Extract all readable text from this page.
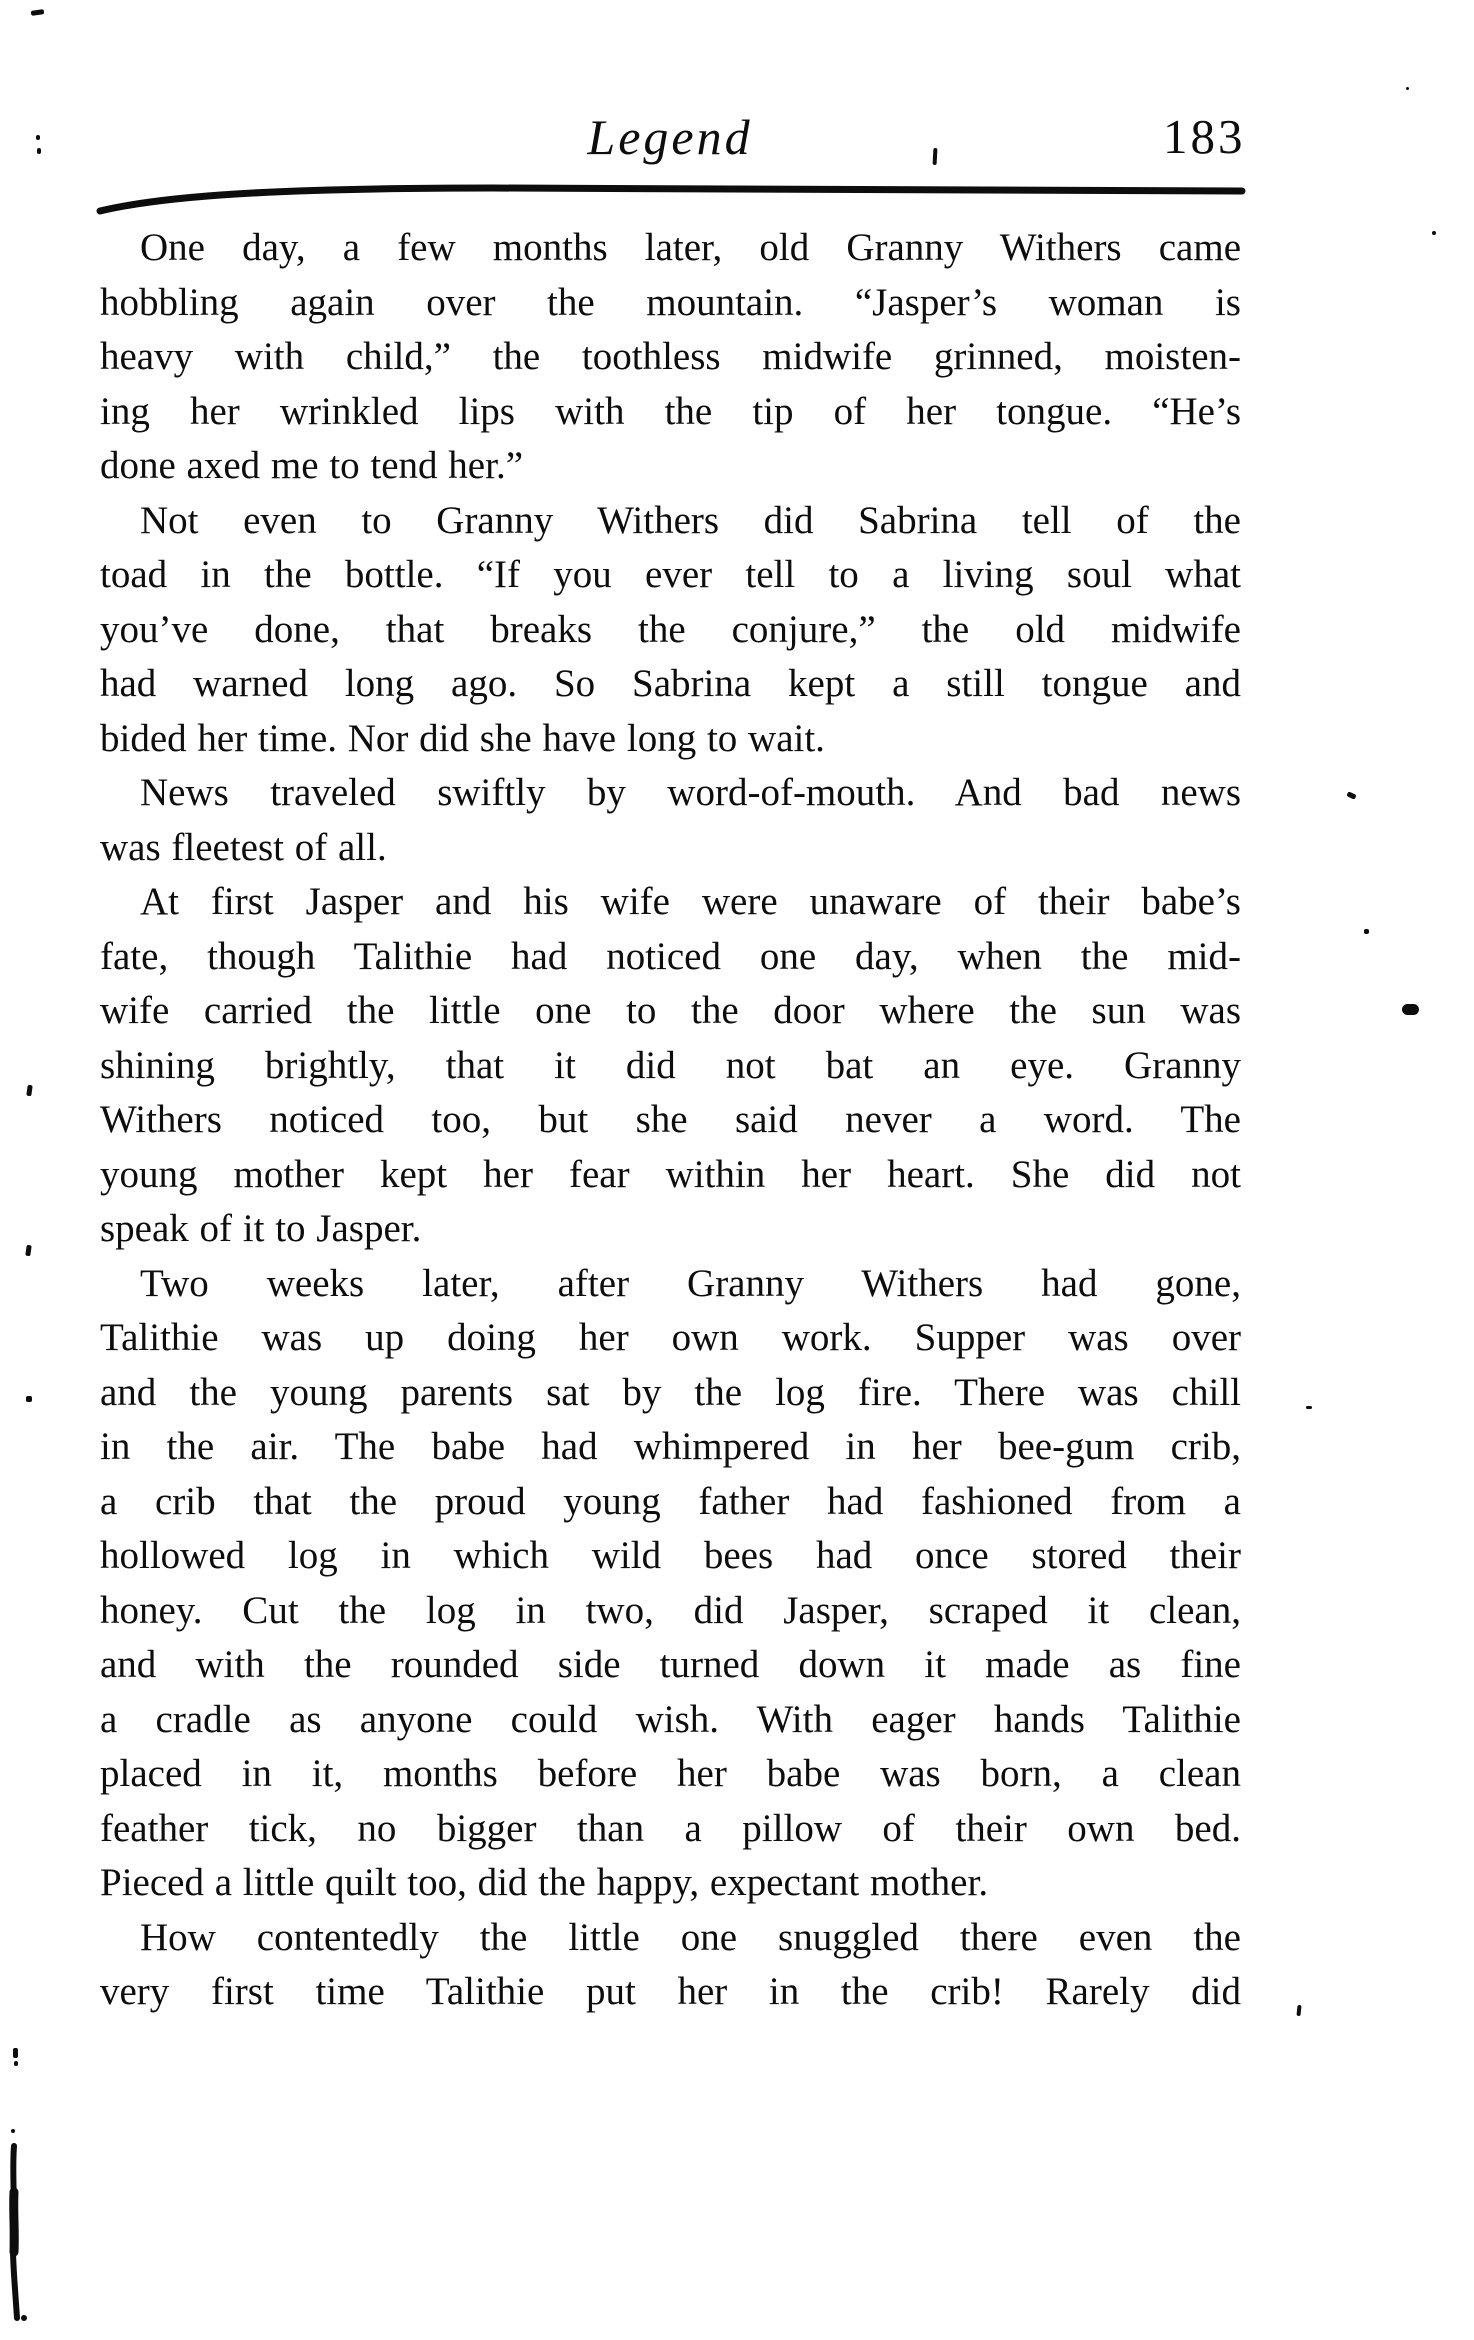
Legend	183
One day, a few months later, old Granny Withers came
hobbling again over the mountain. “Jasper’s woman is
heavy with child,” the toothless midwife grinned, moisten-
ing her wrinkled lips with the tip of her tongue. “He’s
done axed me to tend her.”
Not even to Granny Withers did Sabrina tell of the
toad in the bottle. “If you ever tell to a living soul what
you’ve done, that breaks the conjure,” the old midwife
had warned long ago. So Sabrina kept a still tongue and
bided her time. Nor did she have long to wait.
News traveled swiftly by word-of-mouth. And bad news
was fleetest of all.
At first Jasper and his wife were unaware of their babe’s
fate, though Talithie had noticed one day, when the mid-
wife carried the little one to the door where the sun was
shining brightly, that it did not bat an eye. Granny
Withers noticed too, but she said never a word. The
young mother kept her fear within her heart. She did not
speak of it to Jasper.
Two weeks later, after Granny Withers had gone,
Talithie was up doing her own work. Supper was over
and the young parents sat by the log fire. There was chill
in the air. The babe had whimpered in her bee-gum crib,
a crib that the proud young father had fashioned from a
hollowed log in which wild bees had once stored their
honey. Cut the log in two, did Jasper, scraped it clean,
and with the rounded side turned down it made as fine
a cradle as anyone could wish. With eager hands Talithie
placed in it, months before her babe was born, a clean
feather tick, no bigger than a pillow of their own bed.
Pieced a little quilt too, did the happy, expectant mother.
How contentedly the little one snuggled there even the
very first time Talithie put her in the crib! Rarely did
